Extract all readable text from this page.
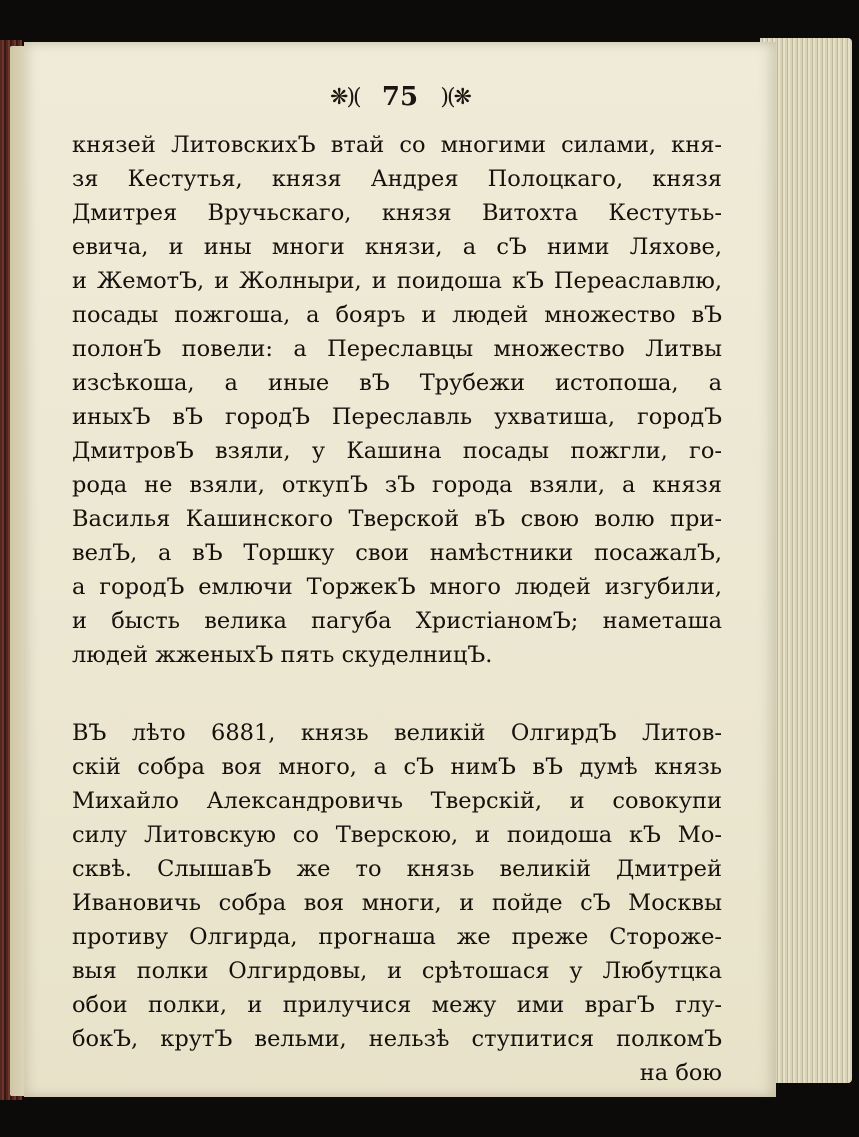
❋)( 75 )(❋
князей ЛитовскихЪ втай со многими силами, кня-
зя Кестутья, князя Андрея Полоцкаго, князя
Дмитрея Вручьскаго, князя Витохта Кестутьь-
евича, и ины многи князи, а сЪ ними Ляхове,
и ЖемотЪ, и Жолныри, и поидоша кЪ Переаславлю,
посады пожгоша, а бояръ и людей множество вЪ
полонЪ повели: а Переславцы множество Литвы
изсѣкоша, а иные вЪ Трубежи истопоша, а
иныхЪ вЪ городЪ Переславль ухватиша, городЪ
ДмитровЪ взяли, у Кашина посады пожгли, го-
рода не взяли, откупЪ зЪ города взяли, а князя
Василья Кашинского Тверской вЪ свою волю при-
велЪ, а вЪ Торшку свои намѣстники посажалЪ,
а городЪ емлючи ТоржекЪ много людей изгубили,
и бысть велика пагуба ХристіаномЪ; наметаша
людей жженыхЪ пять скуделницЪ.
ВЪ лѣто 6881, князь великій ОлгирдЪ Литов-
скій собра воя много, а сЪ нимЪ вЪ думѣ князь
Михайло Александровичь Тверскій, и совокупи
силу Литовскую со Тверскою, и поидоша кЪ Мо-
сквѣ. СлышавЪ же то князь великій Дмитрей
Ивановичь собра воя многи, и пойде сЪ Москвы
противу Олгирда, прогнаша же преже Стороже-
выя полки Олгирдовы, и срѣтошася у Любутцка
обои полки, и прилучися межу ими врагЪ глу-
бокЪ, крутЪ вельми, нельзѣ ступитися полкомЪ
на бою
